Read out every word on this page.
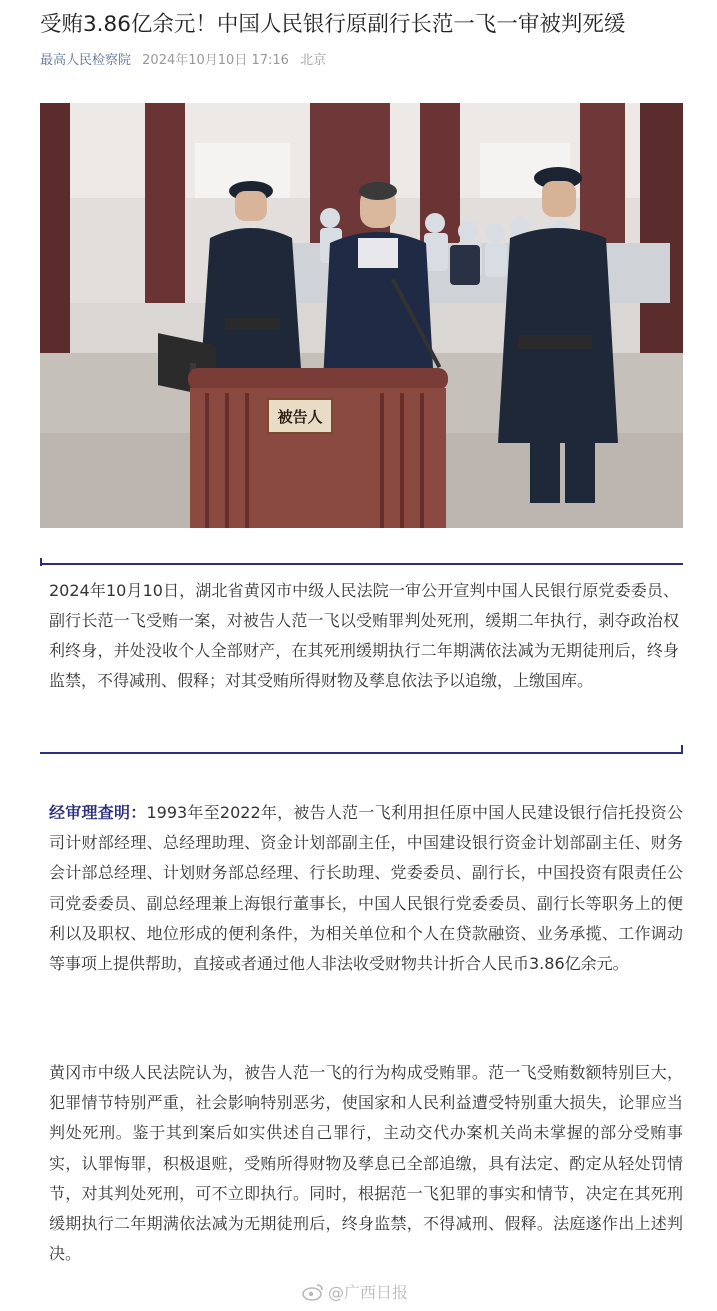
受贿3.86亿余元！中国人民银行原副行长范一飞一审被判死缓
最高人民检察院 2024年10月10日 17:16 北京
被告人

2024年10月10日，湖北省黄冈市中级人民法院一审公开宣判中国人民银行原党委委员、副行长范一飞受贿一案，对被告人范一飞以受贿罪判处死刑，缓期二年执行，剥夺政治权利终身，并处没收个人全部财产，在其死刑缓期执行二年期满依法减为无期徒刑后，终身监禁，不得减刑、假释；对其受贿所得财物及孳息依法予以追缴，上缴国库。

经审理查明：1993年至2022年，被告人范一飞利用担任原中国人民建设银行信托投资公司计财部经理、总经理助理、资金计划部副主任，中国建设银行资金计划部副主任、财务会计部总经理、计划财务部总经理、行长助理、党委委员、副行长，中国投资有限责任公司党委委员、副总经理兼上海银行董事长，中国人民银行党委委员、副行长等职务上的便利以及职权、地位形成的便利条件，为相关单位和个人在贷款融资、业务承揽、工作调动等事项上提供帮助，直接或者通过他人非法收受财物共计折合人民币3.86亿余元。

黄冈市中级人民法院认为，被告人范一飞的行为构成受贿罪。范一飞受贿数额特别巨大，犯罪情节特别严重，社会影响特别恶劣，使国家和人民利益遭受特别重大损失，论罪应当判处死刑。鉴于其到案后如实供述自己罪行，主动交代办案机关尚未掌握的部分受贿事实，认罪悔罪，积极退赃，受贿所得财物及孳息已全部追缴，具有法定、酌定从轻处罚情节，对其判处死刑，可不立即执行。同时，根据范一飞犯罪的事实和情节，决定在其死刑缓期执行二年期满依法减为无期徒刑后，终身监禁，不得减刑、假释。法庭遂作出上述判决。

@广西日报
